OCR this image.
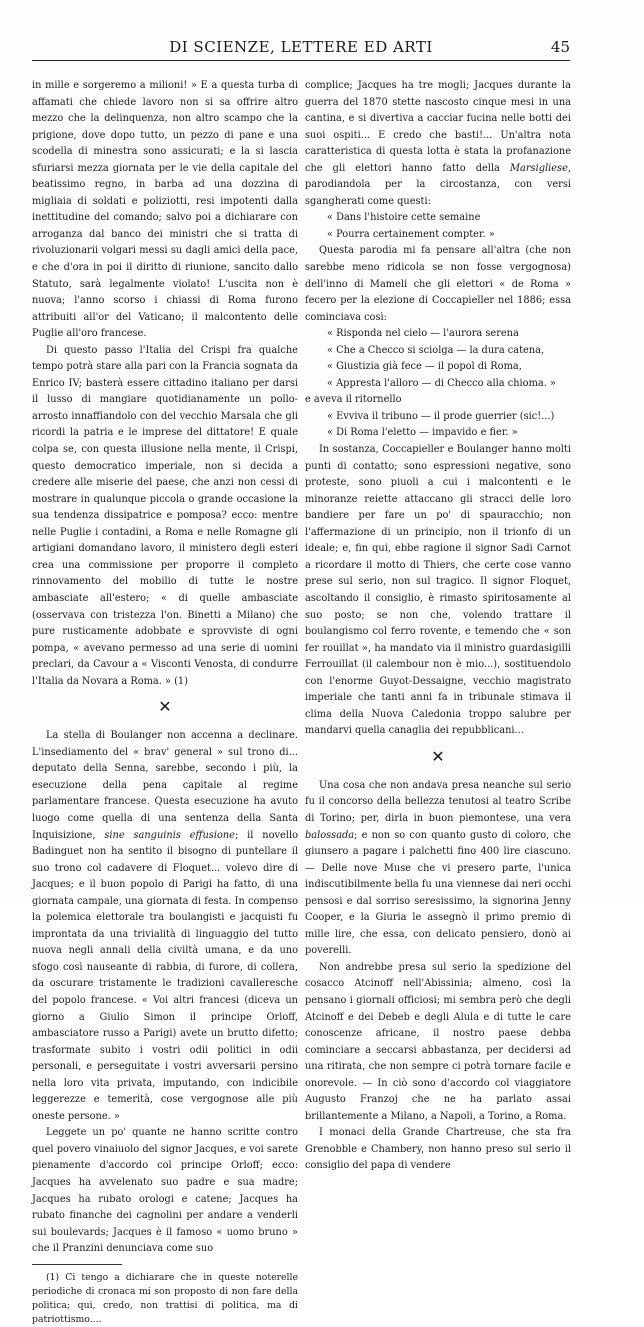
DI SCIENZE, LETTERE ED ARTI	45

in mille e sorgeremo a milioni! » E a questa turba di affamati che chiede lavoro non si sa offrire altro mezzo che la delinquenza, non altro scampo che la prigione, dove dopo tutto, un pezzo di pane e una scodella di minestra sono assicurati; e la si lascia sfuriarsi mezza giornata per le vie della capitale del beatissimo regno, in barba ad una dozzina di migliaia di soldati e poliziotti, resi impotenti dalla inettitudine del comando; salvo poi a dichiarare con arroganza dal banco dei ministri che si tratta di rivoluzionarii volgari messi su dagli amici della pace, e che d'ora in poi il diritto di riunione, sancito dallo Statuto, sarà legalmente violato! L'uscita non è nuova; l'anno scorso i chiassi di Roma furono attribuiti all'or del Vaticano; il malcontento delle Puglie all'oro francese.

Di questo passo l'Italia del Crispi fra qualche tempo potrà stare alla pari con la Francia sognata da Enrico IV; basterà essere cittadino italiano per darsi il lusso di mangiare quotidianamente un pollo-arrosto innaffiandolo con del vecchio Marsala che gli ricordi la patria e le imprese del dittatore! E quale colpa se, con questa illusione nella mente, il Crispi, questo democratico imperiale, non si decida a credere alle miserie del paese, che anzi non cessi di mostrare in qualunque piccola o grande occasione la sua tendenza dissipatrice e pomposa? ecco: mentre nelle Puglie i contadini, a Roma e nelle Romagne gli artigiani domandano lavoro, il ministero degli esteri crea una commissione per proporre il completo rinnovamento del mobilio di tutte le nostre ambasciate all'estero; « di quelle ambasciate (osservava con tristezza l'on. Binetti a Milano) che pure rusticamente adobbate e sprovviste di ogni pompa, « avevano permesso ad una serie di uomini preclari, da Cavour a « Visconti Venosta, di condurre l'Italia da Novara a Roma. » (1)

✕

La stella di Boulanger non accenna a declinare. L'insediamento del « brav' general » sul trono di... deputato della Senna, sarebbe, secondo i più, la esecuzione della pena capitale al regime parlamentare francese. Questa esecuzione ha avuto luogo come quella di una sentenza della Santa Inquisizione, sine sanguinis effusione; il novello Badinguet non ha sentito il bisogno di puntellare il suo trono col cadavere di Floquet... volevo dire di Jacques; e il buon popolo di Parigi ha fatto, di una giornata campale, una giornata di festa. In compenso la polemica elettorale tra boulangisti e jacquisti fu improntata da una trivialità di linguaggio del tutto nuova negli annali della civiltà umana, e da uno sfogo così nauseante di rabbia, di furore, di collera, da oscurare tristamente le tradizioni cavalleresche del popolo francese. « Voi altri francesi (diceva un giorno a Giulio Simon il principe Orloff, ambasciatore russo a Parigi) avete un brutto difetto; trasformate subito i vostri odii politici in odii personali, e perseguitate i vostri avversarii persino nella loro vita privata, imputando, con indicibile leggerezze e temerità, cose vergognose alle più oneste persone. »

Leggete un po' quante ne hanno scritte contro quel povero vinaiuolo del signor Jacques, e voi sarete pienamente d'accordo col principe Orloff; ecco: Jacques ha avvelenato suo padre e sua madre; Jacques ha rubato orologi e catene; Jacques ha rubato finanche dei cagnolini per andare a venderli sui boulevards; Jacques è il famoso « uomo bruno » che il Pranzini denunciava come suo

(1) Ci tengo a dichiarare che in queste noterelle periodiche di cronaca mi son proposto di non fare della politica; qui, credo, non trattisi di politica, ma di patriottismo....

complice; Jacques ha tre mogli; Jacques durante la guerra del 1870 stette nascosto cinque mesi in una cantina, e si divertiva a cacciar fucina nelle botti dei suoi ospiti... E credo che basti!... Un'altra nota caratteristica di questa lotta è stata la profanazione che gli elettori hanno fatto della Marsigliese, parodiandola per la circostanza, con versi sgangherati come questi:

« Dans l'histoire cette semaine

« Pourra certainement compter. »

Questa parodia mi fa pensare all'altra (che non sarebbe meno ridicola se non fosse vergognosa) dell'inno di Mameli che gli elettori « de Roma » fecero per la elezione di Coccapieller nel 1886; essa cominciava così:

« Risponda nel cielo — l'aurora serena

« Che a Checco si sciolga — la dura catena,

« Giustizia già fece — il popol di Roma,

« Appresta l'alloro — di Checco alla chioma. »

e aveva il ritornello

« Evviva il tribuno — il prode guerrier (sic!...)

« Di Roma l'eletto — impavido e fier. »

In sostanza, Coccapieller e Boulanger hanno molti punti di contatto; sono espressioni negative, sono proteste, sono piuoli a cui i malcontenti e le minoranze reiette attaccano gli stracci delle loro bandiere per fare un po' di spauracchio; non l'affermazione di un principio, non il trionfo di un ideale; e, fin qui, ebbe ragione il signor Sadi Carnot a ricordare il motto di Thiers, che certe cose vanno prese sul serio, non sul tragico. Il signor Floquet, ascoltando il consiglio, è rimasto spiritosamente al suo posto; se non che, volendo trattare il boulangismo col ferro rovente, e temendo che « son fer rouillat », ha mandato via il ministro guardasigilli Ferrouillat (il calembour non è mio...), sostituendolo con l'enorme Guyot-Dessaigne, vecchio magistrato imperiale che tanti anni fa in tribunale stimava il clima della Nuova Caledonia troppo salubre per mandarvi quella canaglia dei repubblicani...

✕

Una cosa che non andava presa neanche sul serio fu il concorso della bellezza tenutosi al teatro Scribe di Torino; per, dirla in buon piemontese, una vera balossada; e non so con quanto gusto di coloro, che giunsero a pagare i palchetti fino 400 lire ciascuno. — Delle nove Muse che vi presero parte, l'unica indiscutibilmente bella fu una viennese dai neri occhi pensosi e dal sorriso seresissimo, la signorina Jenny Cooper, e la Giuria le assegnò il primo premio di mille lire, che essa, con delicato pensiero, donò ai poverelli.

Non andrebbe presa sul serio la spedizione del cosacco Atcinoff nell'Abissinia; almeno, così la pensano i giornali officiosi; mi sembra però che degli Atcinoff e dei Debeb e degli Alula e di tutte le care conoscenze africane, il nostro paese debba cominciare a seccarsi abbastanza, per decidersi ad una ritirata, che non sempre ci potrà tornare facile e onorevole. — In ciò sono d'accordo col viaggiatore Augusto Franzoj che ne ha parlato assai brillantemente a Milano, a Napoli, a Torino, a Roma.

I monaci della Grande Chartreuse, che sta fra Grenobble e Chambery, non hanno preso sul serio il consiglio del papa di vendere
